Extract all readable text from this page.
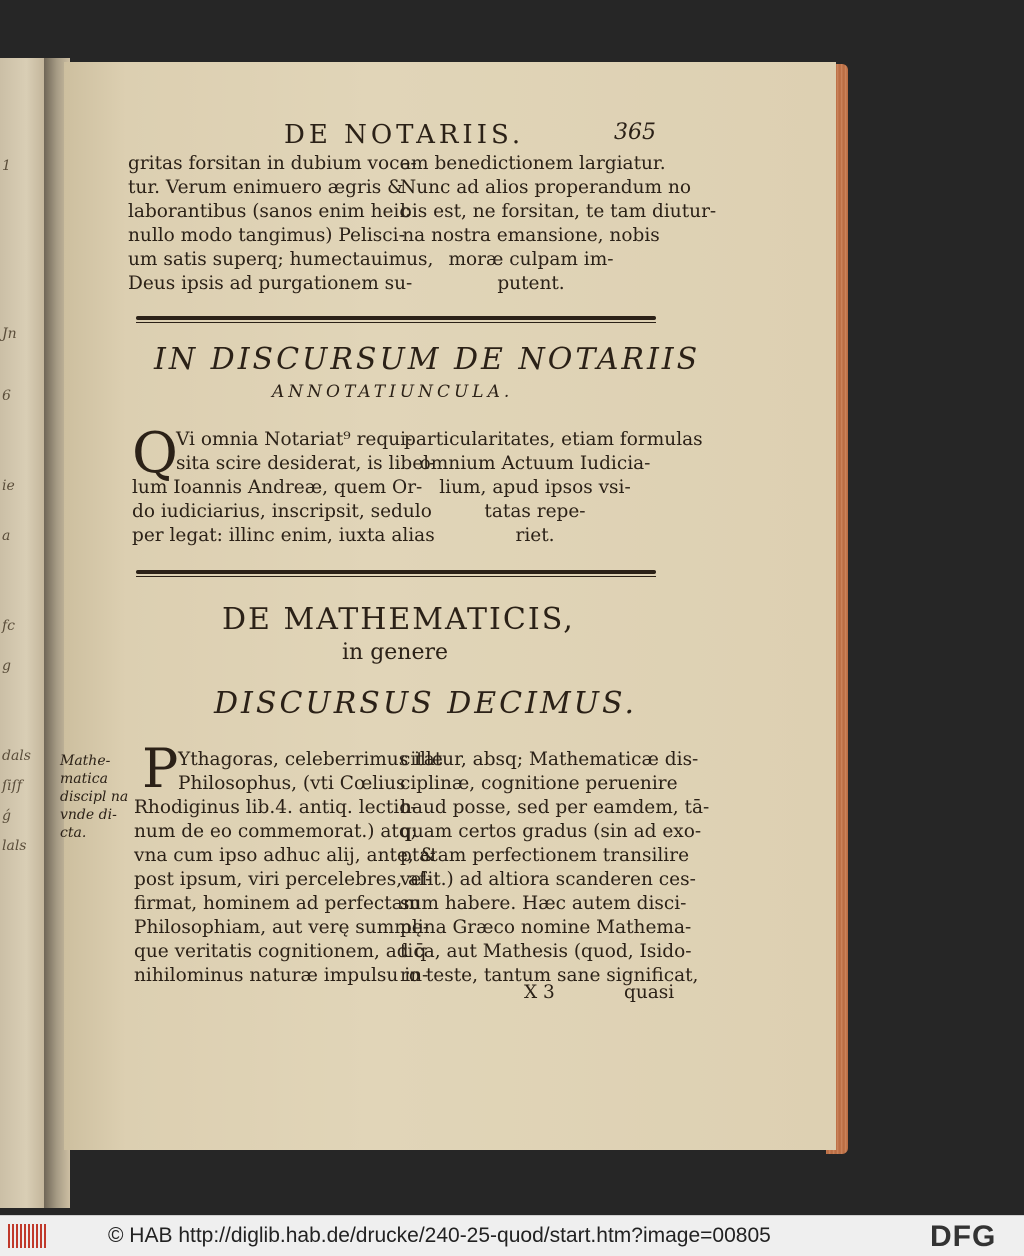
1
Jn
6
ie
a
fc
g
dals
ſiſf
ǵ
lals
DE NOTARIIS.	365
gritas forsitan in dubium voce-
tur. Verum enimuero ægris &
laborantibus (sanos enim heic
nullo modo tangimus) Pelisci-
um satis superq; humectauimus,
Deus ipsis ad purgationem su-
am benedictionem largiatur.
Nunc ad alios properandum no
bis est, ne forsitan, te tam diutur-
na nostra emansione, nobis
moræ culpam im-
putent.
IN DISCURSUM DE NOTARIIS
ANNOTATIUNCULA.
Q
Vi omnia Notariat⁹ requi-
sita scire desiderat, is libel-
lum Ioannis Andreæ, quem Or-
do iudiciarius, inscripsit, sedulo
per legat: illinc enim, iuxta alias
particularitates, etiam formulas
omnium Actuum Iudicia-
lium, apud ipsos vsi-
tatas repe-
riet.
DE MATHEMATICIS,
in genere
DISCURSUS DECIMUS.
Mathe-
matica
discipl na
vnde di-
cta.
P Ythagoras, celeberrimus ille
Philosophus, (vti Cœlius
Rhodiginus lib.4. antiq. lectio-
num de eo commemorat.) atq;
vna cum ipso adhuc alij, ante, &
post ipsum, viri percelebres, af-
firmat, hominem ad perfectam
Philosophiam, aut verę summę-
que veritatis cognitionem, ad q̄
nihilominus naturæ impulsu in-
citatur, absq; Mathematicæ dis-
ciplinæ, cognitione peruenire
haud posse, sed per eamdem, tā-
quam certos gradus (sin ad exo-
ptatam perfectionem transilire
velit.) ad altiora scanderen ces-
sum habere. Hæc autem disci-
plina Græco nomine Mathema-
tica, aut Mathesis (quod, Isido-
ro teste, tantum sane significat,
X 3	quasi
© HAB http://diglib.hab.de/drucke/240-25-quod/start.htm?image=00805	DFG
